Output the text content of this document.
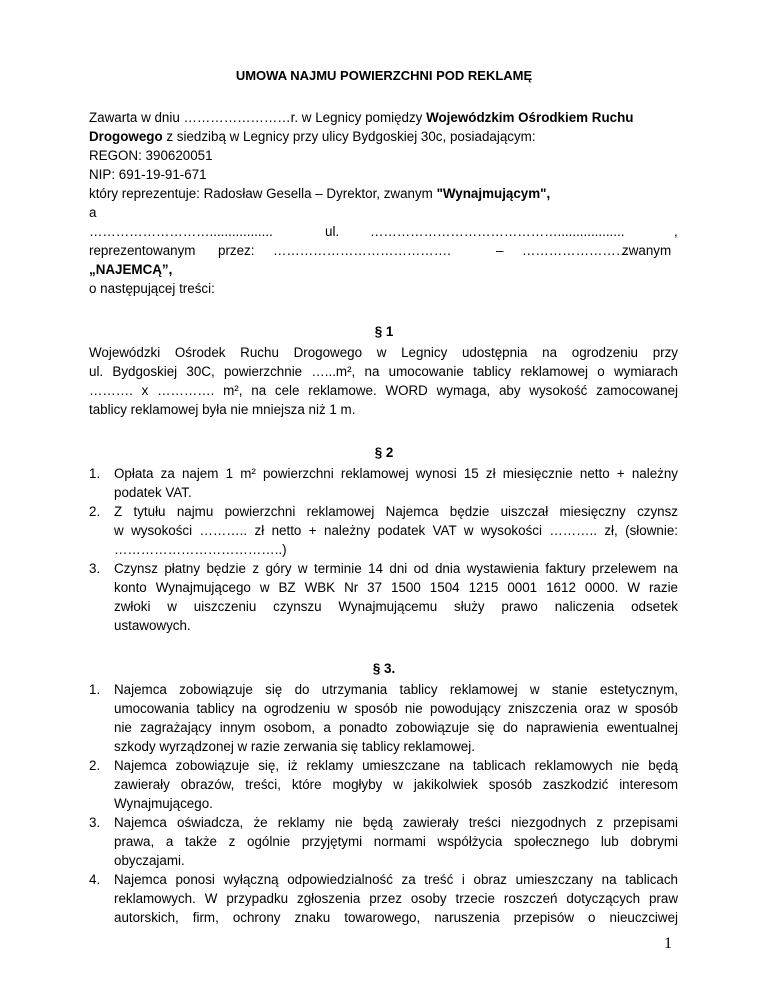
UMOWA NAJMU POWIERZCHNI POD REKLAMĘ
Zawarta w dniu ……………………r. w Legnicy pomiędzy Wojewódzkim Ośrodkiem Ruchu
Drogowego z siedzibą w Legnicy przy ulicy Bydgoskiej 30c, posiadającym:
REGON: 390620051
NIP: 691-19-91-671
który reprezentuje: Radosław Gesella – Dyrektor, zwanym "Wynajmującym",
a
……………………….................	ul. ……………………………………..................	,
reprezentowanym przez: ………………………………….	– ……………………
zwanym
„NAJEMCĄ”,
o następującej treści:
§ 1
Wojewódzki Ośrodek Ruchu Drogowego w Legnicy udostępnia na ogrodzeniu przy
ul. Bydgoskiej 30C, powierzchnie …...m², na umocowanie tablicy reklamowej o wymiarach
………. x …………. m², na cele reklamowe. WORD wymaga, aby wysokość zamocowanej
tablicy reklamowej była nie mniejsza niż 1 m.
§ 2
1. Opłata za najem 1 m² powierzchni reklamowej wynosi 15 zł miesięcznie netto + należny
podatek VAT.
2. Z tytułu najmu powierzchni reklamowej Najemca będzie uiszczał miesięczny czynsz
w wysokości ……….. zł netto + należny podatek VAT w wysokości ……….. zł, (słownie:
………………………………..)
3. Czynsz płatny będzie z góry w terminie 14 dni od dnia wystawienia faktury przelewem na
konto Wynajmującego w BZ WBK Nr 37 1500 1504 1215 0001 1612 0000. W razie
zwłoki w uiszczeniu czynszu Wynajmującemu służy prawo naliczenia odsetek
ustawowych.
§ 3.
1. Najemca zobowiązuje się do utrzymania tablicy reklamowej w stanie estetycznym,
umocowania tablicy na ogrodzeniu w sposób nie powodujący zniszczenia oraz w sposób
nie zagrażający innym osobom, a ponadto zobowiązuje się do naprawienia ewentualnej
szkody wyrządzonej w razie zerwania się tablicy reklamowej.
2. Najemca zobowiązuje się, iż reklamy umieszczane na tablicach reklamowych nie będą
zawierały obrazów, treści, które mogłyby w jakikolwiek sposób zaszkodzić interesom
Wynajmującego.
3. Najemca oświadcza, że reklamy nie będą zawierały treści niezgodnych z przepisami
prawa, a także z ogólnie przyjętymi normami współżycia społecznego lub dobrymi
obyczajami.
4. Najemca ponosi wyłączną odpowiedzialność za treść i obraz umieszczany na tablicach
reklamowych. W przypadku zgłoszenia przez osoby trzecie roszczeń dotyczących praw
autorskich, firm, ochrony znaku towarowego, naruszenia przepisów o nieuczciwej
1
